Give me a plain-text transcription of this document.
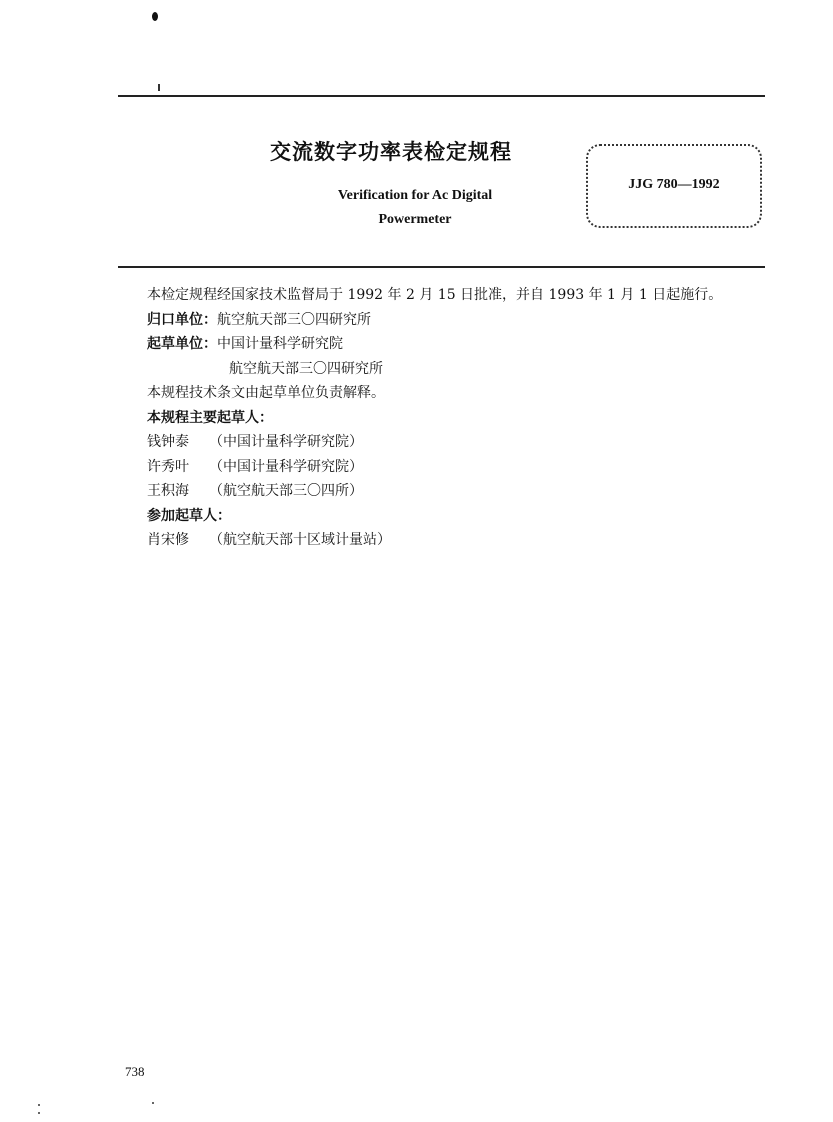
交流数字功率表检定规程
Verification for Ac Digital
Powermeter
JJG 780—1992
本检定规程经国家技术监督局于 1992 年 2 月 15 日批准，并自 1993 年 1 月 1 日起施行。
归口单位：航空航天部三〇四研究所
起草单位：中国计量科学研究院
航空航天部三〇四研究所
本规程技术条文由起草单位负责解释。
本规程主要起草人：
钱钟泰 （中国计量科学研究院）
许秀叶 （中国计量科学研究院）
王积海 （航空航天部三〇四所）
参加起草人：
肖宋修 （航空航天部十区域计量站）
738
